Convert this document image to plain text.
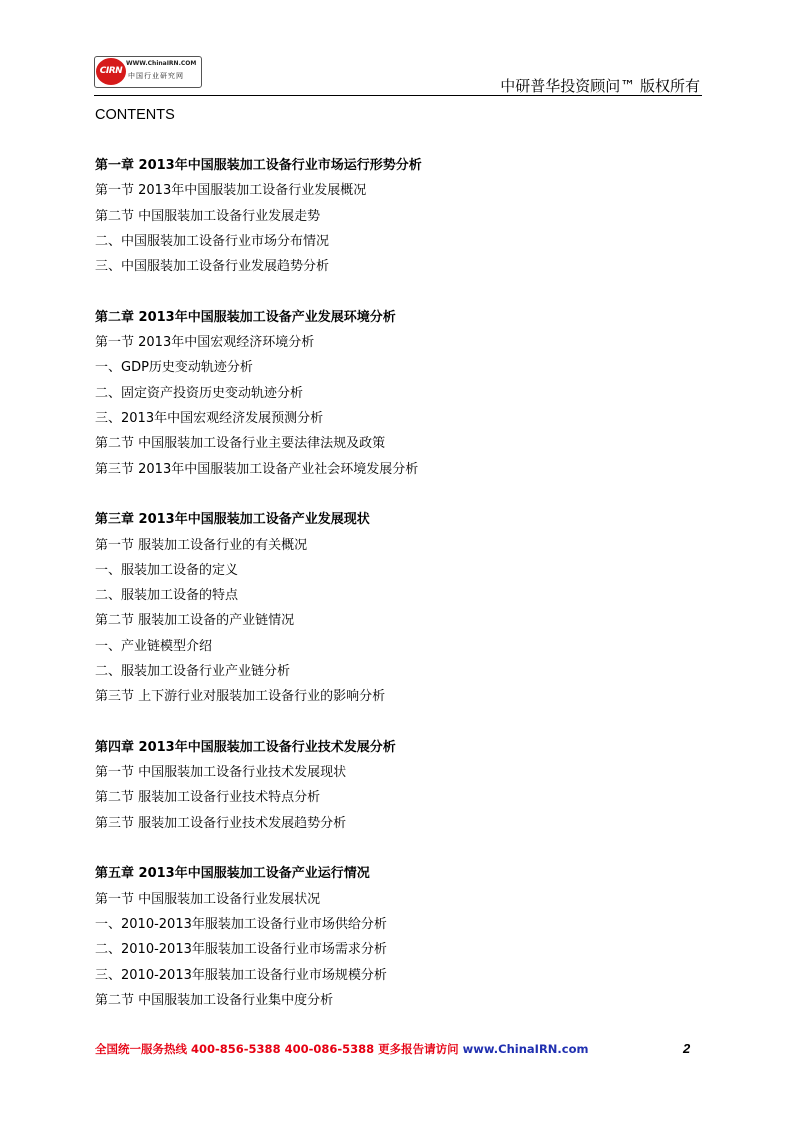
CIRN
WWW.ChinaIRN.COM
中国行业研究网
中研普华投资顾问™ 版权所有
CONTENTS
第一章 2013年中国服装加工设备行业市场运行形势分析
第一节 2013年中国服装加工设备行业发展概况
第二节 中国服装加工设备行业发展走势
二、中国服装加工设备行业市场分布情况
三、中国服装加工设备行业发展趋势分析
第二章 2013年中国服装加工设备产业发展环境分析
第一节 2013年中国宏观经济环境分析
一、GDP历史变动轨迹分析
二、固定资产投资历史变动轨迹分析
三、2013年中国宏观经济发展预测分析
第二节 中国服装加工设备行业主要法律法规及政策
第三节 2013年中国服装加工设备产业社会环境发展分析
第三章 2013年中国服装加工设备产业发展现状
第一节 服装加工设备行业的有关概况
一、服装加工设备的定义
二、服装加工设备的特点
第二节 服装加工设备的产业链情况
一、产业链模型介绍
二、服装加工设备行业产业链分析
第三节 上下游行业对服装加工设备行业的影响分析
第四章 2013年中国服装加工设备行业技术发展分析
第一节 中国服装加工设备行业技术发展现状
第二节 服装加工设备行业技术特点分析
第三节 服装加工设备行业技术发展趋势分析
第五章 2013年中国服装加工设备产业运行情况
第一节 中国服装加工设备行业发展状况
一、2010-2013年服装加工设备行业市场供给分析
二、2010-2013年服装加工设备行业市场需求分析
三、2010-2013年服装加工设备行业市场规模分析
第二节 中国服装加工设备行业集中度分析
全国统一服务热线 400-856-5388 400-086-5388 更多报告请访问 www.ChinaIRN.com	2
